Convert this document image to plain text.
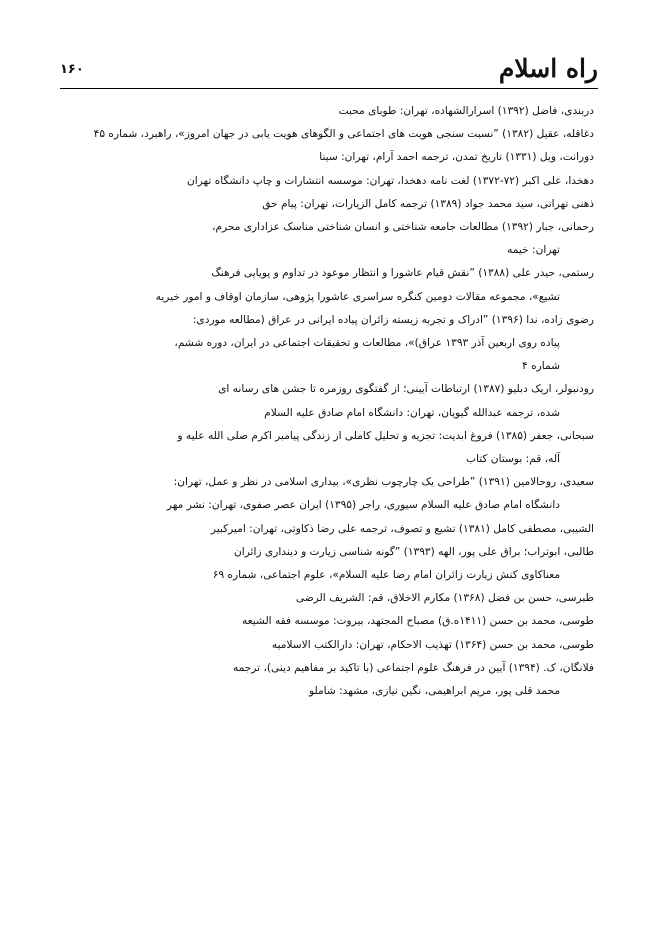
راه اسلام
۱۶۰
دربندی، فاضل (۱۳۹۲) اسرارالشهاده، تهران: طوبای محبت
دغاقله، عقیل (۱۳۸۲) ”نسبت سنجی هویت های اجتماعی و الگوهای هویت یابی در جهان امروز»، راهبرد، شماره ۴۵
دورانت، ویل (۱۳۳۱) تاریخ تمدن، ترجمه احمد آرام، تهران: سینا
دهخدا، علی اکبر (۷۲-۱۳۷۲) لغت نامه دهخدا، تهران: موسسه انتشارات و چاپ دانشگاه تهران
ذهنی تهرانی، سید محمد جواد (۱۳۸۹) ترجمه کامل الزیارات، تهران: پیام حق
رحمانی، جبار (۱۳۹۲) مطالعات جامعه شناختی و انسان شناختی مناسک عزاداری محرم،
تهران: خیمه
رستمی، حیدر علی (۱۳۸۸) ”نقش قیام عاشورا و انتظار موعود در تداوم و پویایی فرهنگ
تشیع»، مجموعه مقالات دومین کنگره سراسری عاشورا پژوهی، سازمان اوقاف و امور خیریه
رضوی زاده، ندا (۱۳۹۶) ”ادراک و تجربه زیسته زائران پیاده ایرانی در عراق (مطالعه موردی:
پیاده روی اربعین آذر ۱۳۹۳ عراق)»، مطالعات و تحقیقات اجتماعی در ایران، دوره ششم،
شماره ۴
رودنبولر، اریک دبلیو (۱۳۸۷) ارتباطات آیینی؛ از گفتگوی روزمره تا جشن های رسانه ای
شده، ترجمه عبدالله گیویان، تهران: دانشگاه امام صادق علیه السلام
سبحانی، جعفر (۱۳۸۵) فروغ ابدیت: تجزیه و تحلیل کاملی از زندگی پیامبر اکرم صلی الله علیه و
آله، قم: بوستان کتاب
سعیدی، روحالامین (۱۳۹۱) ”طراحی یک چارچوب نظری»، بیداری اسلامی در نظر و عمل، تهران:
دانشگاه امام صادق علیه السلام سیوری، راجر (۱۳۹۵) ایران عصر صفوی، تهران: نشر مهر
الشیبی، مصطفی کامل (۱۳۸۱) تشیع و تصوف، ترجمه علی رضا ذکاوتی، تهران: امیرکبیر
طالبی، ابوتراب؛ براق علی پور، الهه (۱۳۹۳) ”گونه شناسی زیارت و دینداری زائران
معناکاوی کنش زیارت زائران امام رضا علیه السلام»، علوم اجتماعی، شماره ۶۹
طبرسی، حسن بن فضل (۱۳۶۸) مکارم الاخلاق، قم: الشریف الرضی
طوسی، محمد بن حسن (۱۴۱۱ه.ق) مصباح المجتهد، بیروت: موسسه فقه الشیعه
طوسی، محمد بن حسن (۱۳۶۴) تهذیب الاحکام، تهران: دارالکتب الاسلامیه
فلانگان، ک. (۱۳۹۴) آیین در فرهنگ علوم اجتماعی (با تاکید بر مفاهیم دینی)، ترجمه
محمد قلی پور، مریم ابراهیمی، نگین نیازی، مشهد: شاملو
